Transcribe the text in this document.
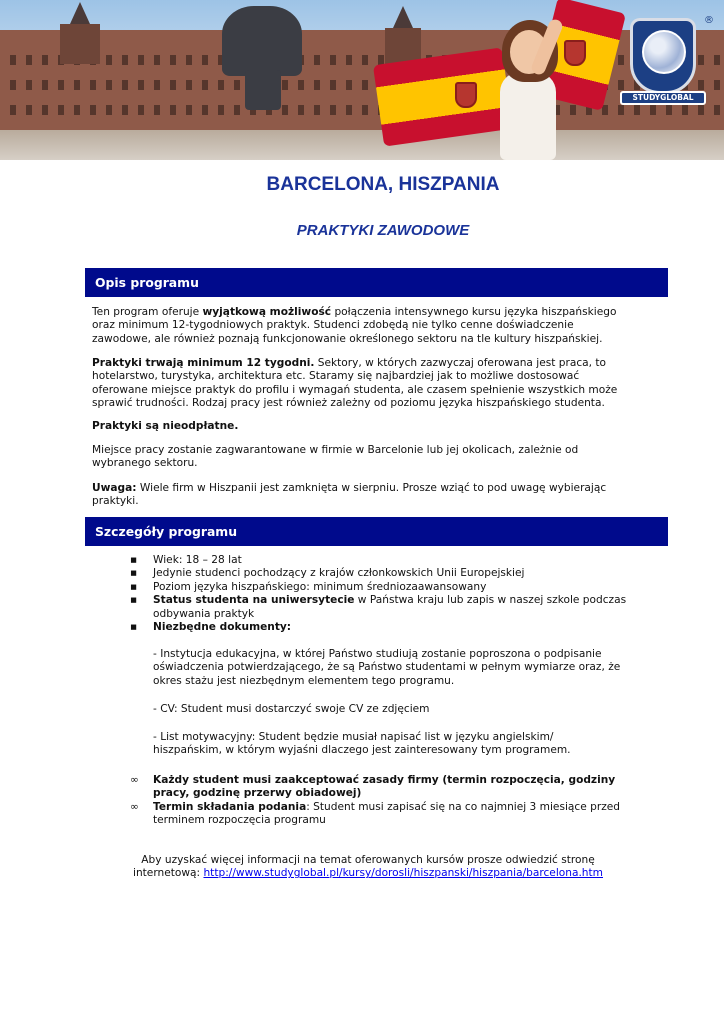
®
STUDYGLOBAL
BARCELONA, HISZPANIA
PRAKTYKI ZAWODOWE
Opis programu

Ten program oferuje wyjątkową możliwość połączenia intensywnego kursu języka hiszpańskiego oraz minimum 12-tygodniowych praktyk. Studenci zdobędą nie tylko cenne doświadczenie zawodowe, ale również poznają funkcjonowanie określonego sektoru na tle kultury hiszpańskiej.

Praktyki trwają minimum 12 tygodni. Sektory, w których zazwyczaj oferowana jest praca, to hotelarstwo, turystyka, architektura etc. Staramy się najbardziej jak to możliwe dostosować oferowane miejsce praktyk do profilu i wymagań studenta, ale czasem spełnienie wszystkich może sprawić trudności. Rodzaj pracy jest również zależny od poziomu języka hiszpańskiego studenta.

Praktyki są nieodpłatne.

Miejsce pracy zostanie zagwarantowane w firmie w Barcelonie lub jej okolicach, zależnie od wybranego sektoru.

Uwaga: Wiele firm w Hiszpanii jest zamknięta w sierpniu. Prosze wziąć to pod uwagę wybierając praktyki.

Szczegóły programu
▪ Wiek: 18 – 28 lat
▪ Jedynie studenci pochodzący z krajów członkowskich Unii Europejskiej
▪ Poziom języka hiszpańskiego: minimum średniozaawansowany
▪ Status studenta na uniwersytecie w Państwa kraju lub zapis w naszej szkole podczas odbywania praktyk
▪ Niezbędne dokumenty:

- Instytucja edukacyjna, w której Państwo studiują zostanie poproszona o podpisanie oświadczenia potwierdzającego, że są Państwo studentami w pełnym wymiarze oraz, że okres stażu jest niezbędnym elementem tego programu.

- CV: Student musi dostarczyć swoje CV ze zdjęciem

- List motywacyjny: Student będzie musiał napisać list w języku angielskim/ hiszpańskim, w którym wyjaśni dlaczego jest zainteresowany tym programem.

∞ Każdy student musi zaakceptować zasady firmy (termin rozpoczęcia, godziny pracy, godzinę przerwy obiadowej)
∞ Termin składania podania: Student musi zapisać się na co najmniej 3 miesiące przed terminem rozpoczęcia programu

Aby uzyskać więcej informacji na temat oferowanych kursów prosze odwiedzić stronę internetową: http://www.studyglobal.pl/kursy/dorosli/hiszpanski/hiszpania/barcelona.htm
